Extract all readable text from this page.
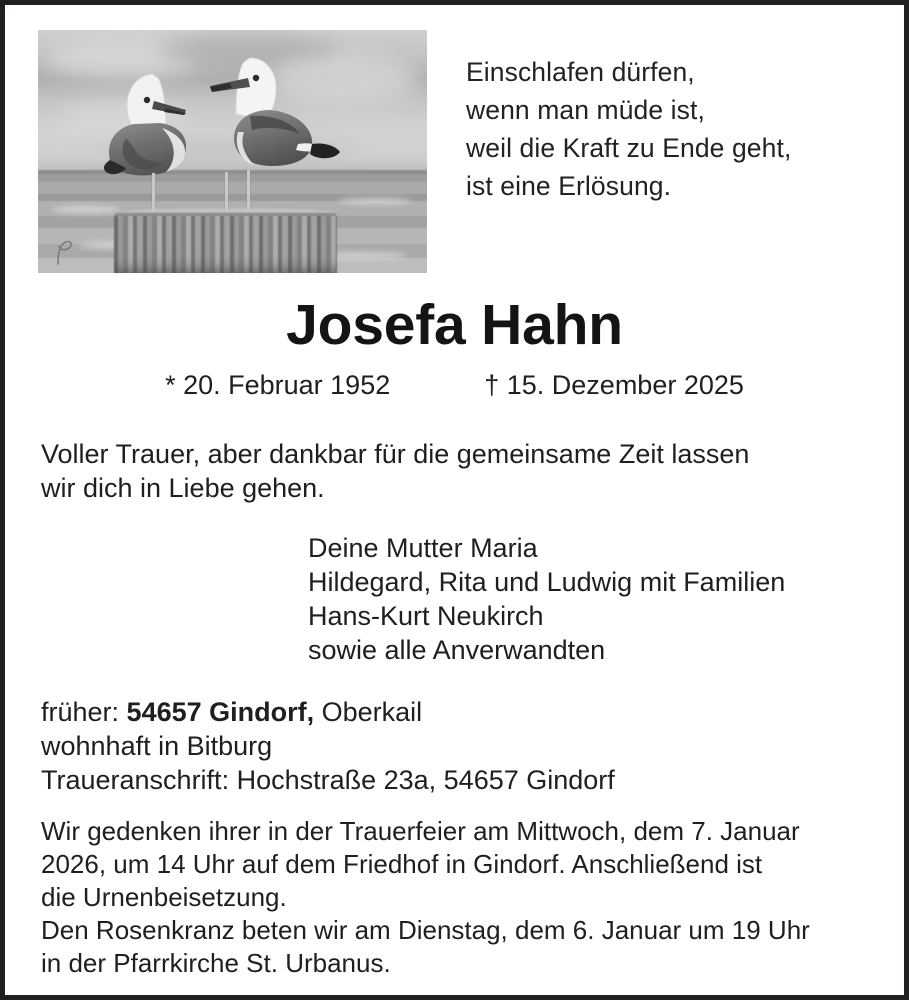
Einschlafen dürfen,
wenn man müde ist,
weil die Kraft zu Ende geht,
ist eine Erlösung.
Josefa Hahn
* 20. Februar 1952	† 15. Dezember 2025
Voller Trauer, aber dankbar für die gemeinsame Zeit lassen
wir dich in Liebe gehen.
Deine Mutter Maria
Hildegard, Rita und Ludwig mit Familien
Hans-Kurt Neukirch
sowie alle Anverwandten
früher: 54657 Gindorf, Oberkail
wohnhaft in Bitburg
Traueranschrift: Hochstraße 23a, 54657 Gindorf
Wir gedenken ihrer in der Trauerfeier am Mittwoch, dem 7. Januar
2026, um 14 Uhr auf dem Friedhof in Gindorf. Anschließend ist
die Urnenbeisetzung.
Den Rosenkranz beten wir am Dienstag, dem 6. Januar um 19 Uhr
in der Pfarrkirche St. Urbanus.
